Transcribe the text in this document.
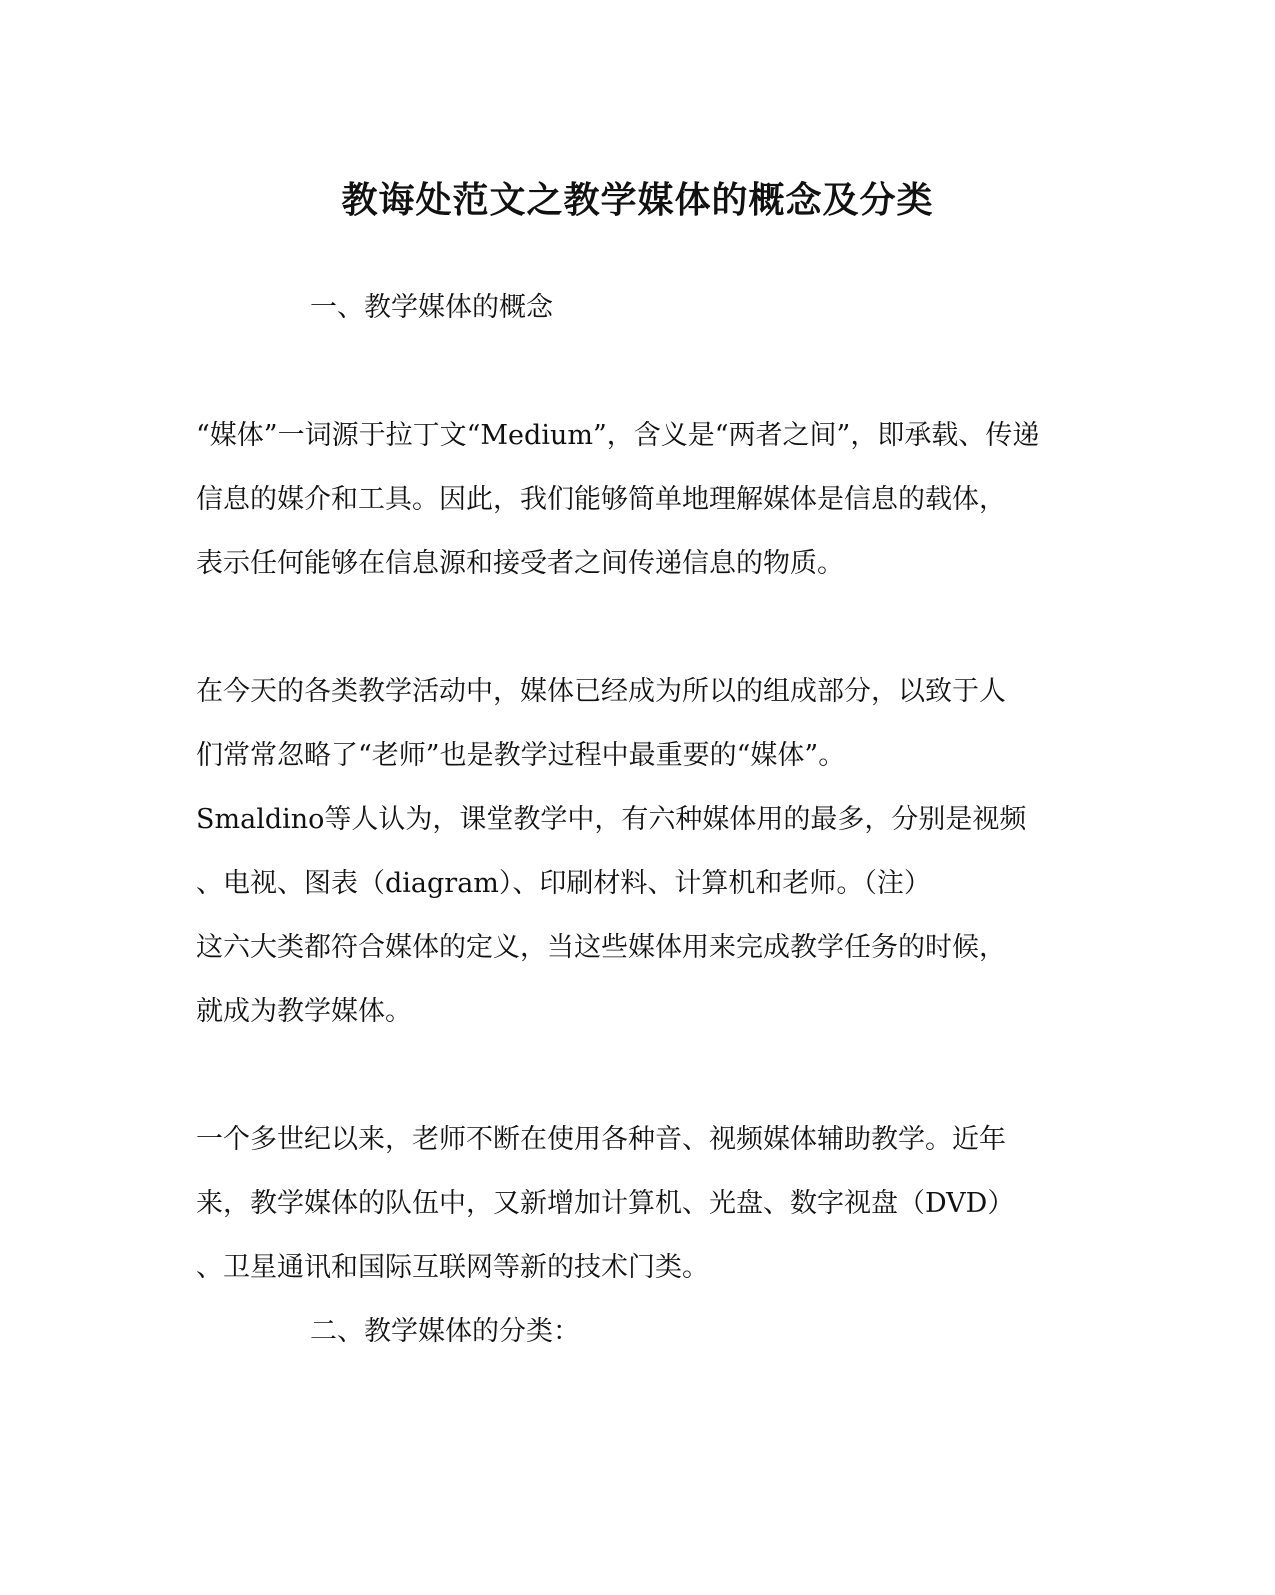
教诲处范文之教学媒体的概念及分类
一、教学媒体的概念
“媒体”一词源于拉丁文“Medium”，含义是“两者之间”，即承载、传递
信息的媒介和工具。因此，我们能够简单地理解媒体是信息的载体，
表示任何能够在信息源和接受者之间传递信息的物质。
在今天的各类教学活动中，媒体已经成为所以的组成部分，以致于人
们常常忽略了“老师”也是教学过程中最重要的“媒体”。
Smaldino等人认为，课堂教学中，有六种媒体用的最多，分别是视频
、电视、图表（diagram）、印刷材料、计算机和老师。（注）
这六大类都符合媒体的定义，当这些媒体用来完成教学任务的时候，
就成为教学媒体。
一个多世纪以来，老师不断在使用各种音、视频媒体辅助教学。近年
来，教学媒体的队伍中，又新增加计算机、光盘、数字视盘（DVD）
、卫星通讯和国际互联网等新的技术门类。
二、教学媒体的分类：
